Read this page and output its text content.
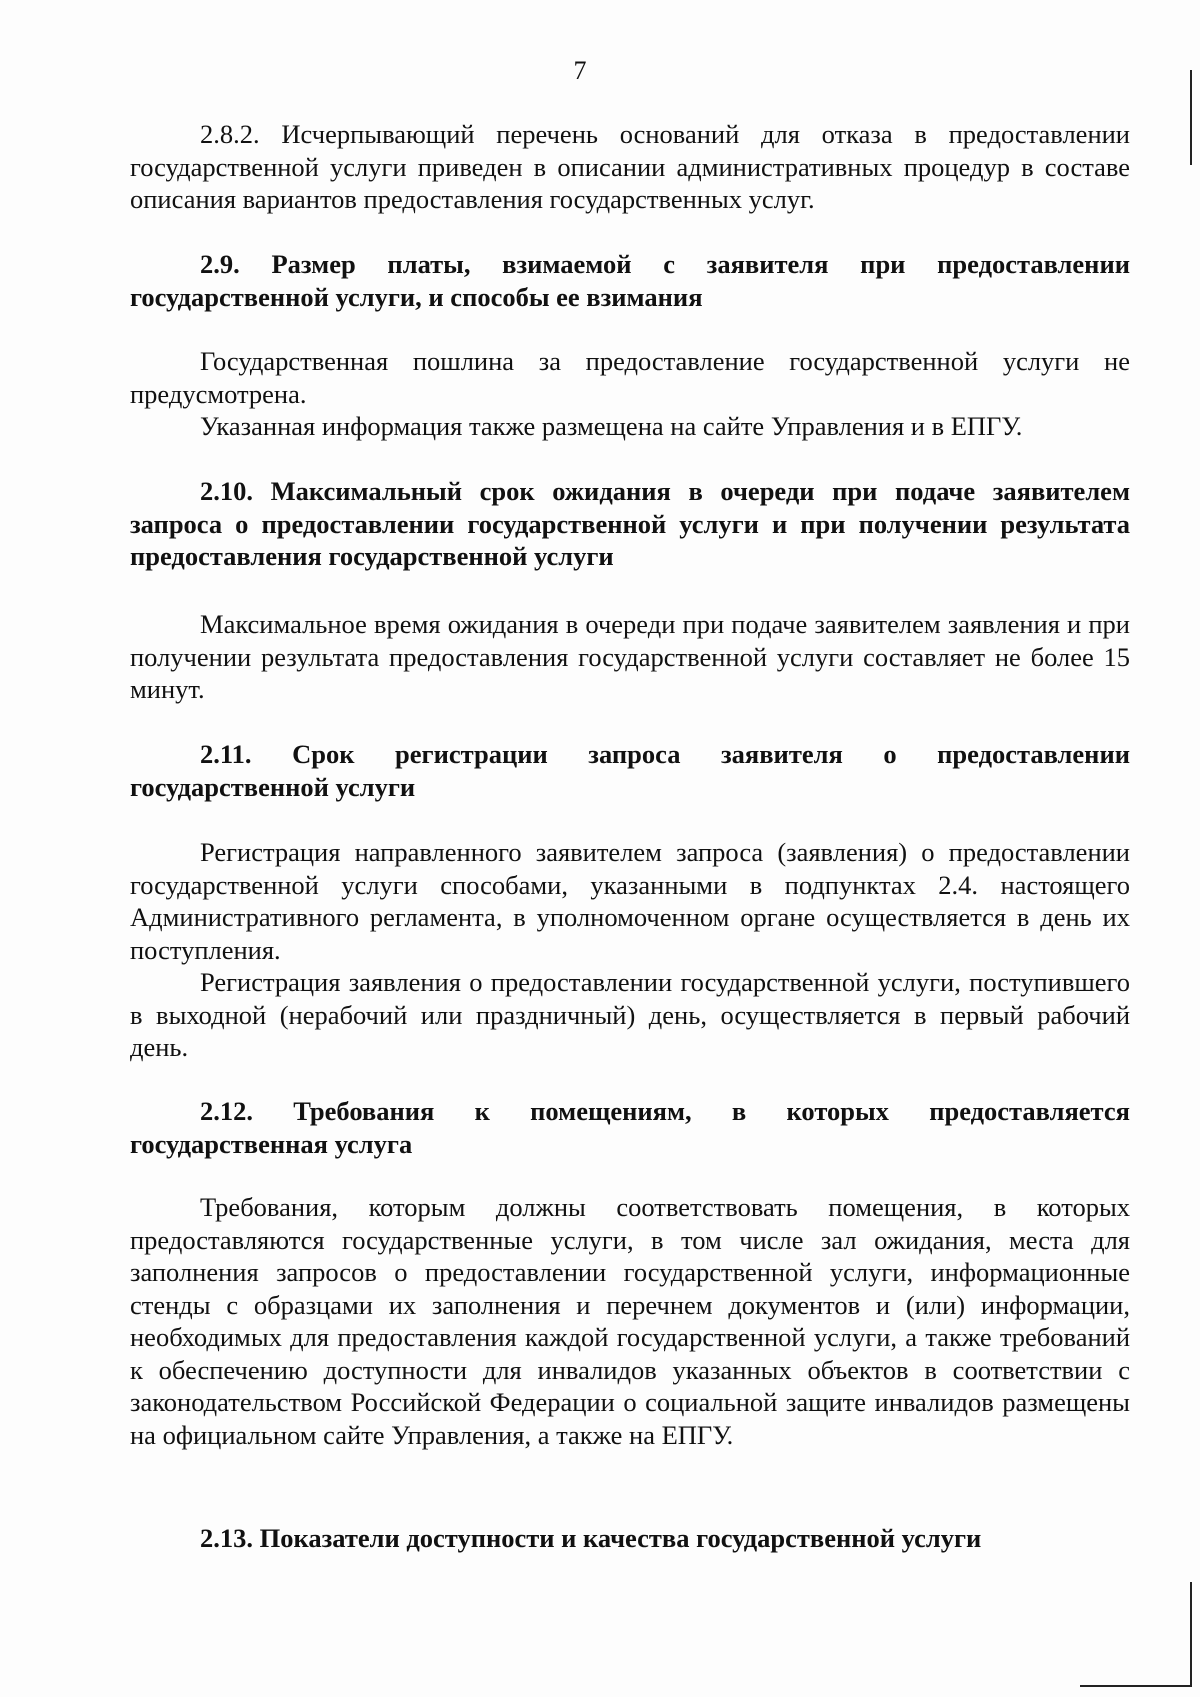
7

2.8.2. Исчерпывающий перечень оснований для отказа в предоставлении государственной услуги приведен в описании административных процедур в составе описания вариантов предоставления государственных услуг.

2.9. Размер платы, взимаемой с заявителя при предоставлении государственной услуги, и способы ее взимания

Государственная пошлина за предоставление государственной услуги не предусмотрена.

Указанная информация также размещена на сайте Управления и в ЕПГУ.

2.10. Максимальный срок ожидания в очереди при подаче заявителем запроса о предоставлении государственной услуги и при получении результата предоставления государственной услуги

Максимальное время ожидания в очереди при подаче заявителем заявления и при получении результата предоставления государственной услуги составляет не более 15 минут.

2.11. Срок регистрации запроса заявителя о предоставлении государственной услуги

Регистрация направленного заявителем запроса (заявления) о предоставлении государственной услуги способами, указанными в подпунктах 2.4. настоящего Административного регламента, в уполномоченном органе осуществляется в день их поступления.

Регистрация заявления о предоставлении государственной услуги, поступившего в выходной (нерабочий или праздничный) день, осуществляется в первый рабочий день.

2.12. Требования к помещениям, в которых предоставляется государственная услуга

Требования, которым должны соответствовать помещения, в которых предоставляются государственные услуги, в том числе зал ожидания, места для заполнения запросов о предоставлении государственной услуги, информационные стенды с образцами их заполнения и перечнем документов и (или) информации, необходимых для предоставления каждой государственной услуги, а также требований к обеспечению доступности для инвалидов указанных объектов в соответствии с законодательством Российской Федерации о социальной защите инвалидов размещены на официальном сайте Управления, а также на ЕПГУ.

2.13. Показатели доступности и качества государственной услуги
